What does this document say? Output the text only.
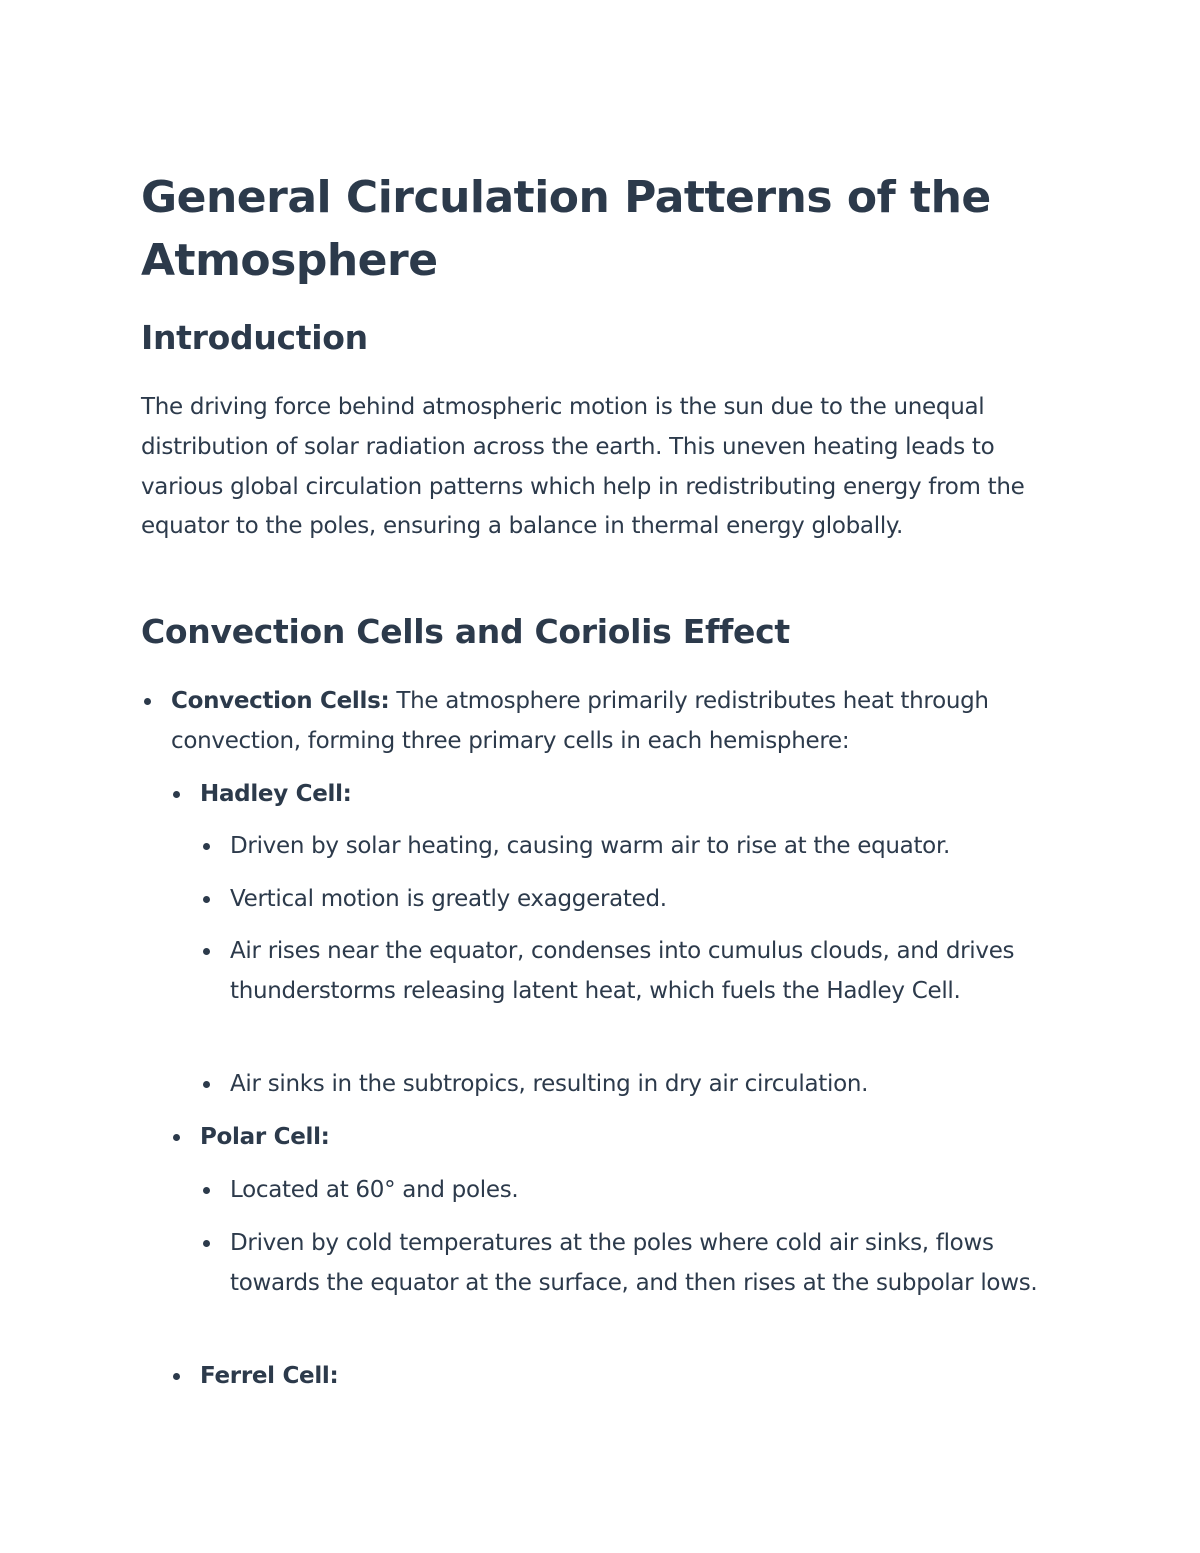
General Circulation Patterns of the Atmosphere
Introduction

The driving force behind atmospheric motion is the sun due to the unequal distribution of solar radiation across the earth. This uneven heating leads to various global circulation patterns which help in redistributing energy from the equator to the poles, ensuring a balance in thermal energy globally.

Convection Cells and Coriolis Effect
Convection Cells: The atmosphere primarily redistributes heat through convection, forming three primary cells in each hemisphere:
Hadley Cell:
Driven by solar heating, causing warm air to rise at the equator.
Vertical motion is greatly exaggerated.
Air rises near the equator, condenses into cumulus clouds, and drives thunderstorms releasing latent heat, which fuels the Hadley Cell.
Air sinks in the subtropics, resulting in dry air circulation.
Polar Cell:
Located at 60° and poles.
Driven by cold temperatures at the poles where cold air sinks, flows towards the equator at the surface, and then rises at the subpolar lows.
Ferrel Cell:
